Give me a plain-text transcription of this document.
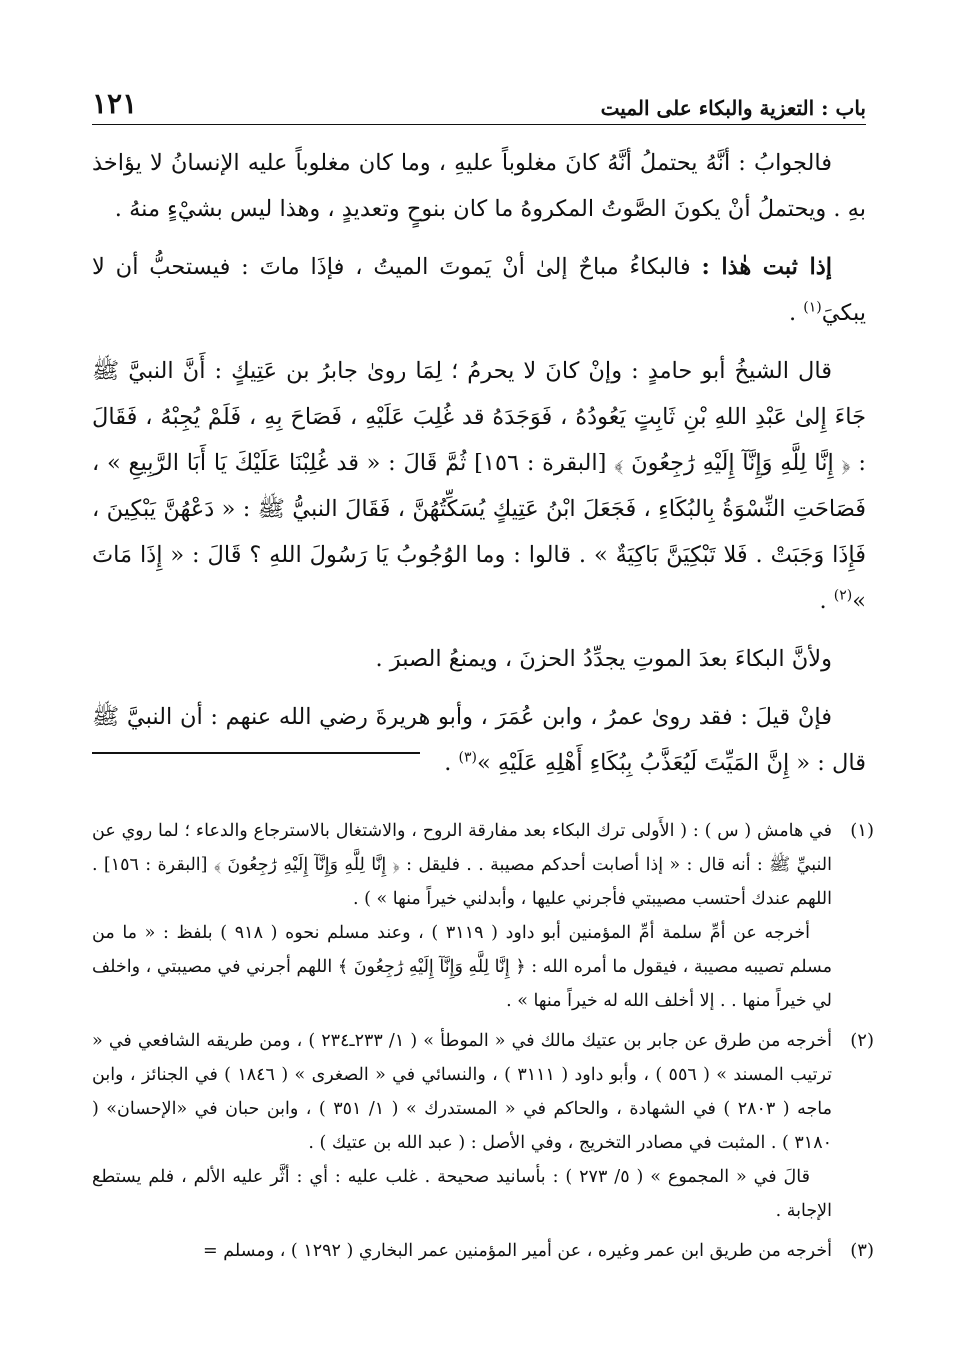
باب : التعزية والبكاء على الميت
١٢١

فالجوابُ : أنَّهُ يحتملُ أنَّهُ كانَ مغلوباً عليهِ ، وما كان مغلوباً عليه الإنسانُ لا يؤاخذ بهِ . ويحتملُ أنْ يكونَ الصَّوتُ المكروهُ ما كان بنوحٍ وتعديدٍ ، وهذا ليس بشيْءٍ منهُ .

إذا ثبت هٰذا : فالبكاءُ مباحٌ إلىٰ أنْ يَموتَ الميتُ ، فإذَا ماتَ : فيستحبُّ أن لا يبكيَ$^{(١)}$ .

قال الشيخُ أبو حامدٍ : وإنْ كانَ لا يحرمُ ؛ لِمَا روىٰ جابرُ بن عَتِيكٍ : أَنَّ النبيَّ ﷺ جَاءَ إِلىٰ عَبْدِ اللهِ بْنِ ثَابِتٍ يَعُودُهُ ، فَوَجَدَهُ قد غُلِبَ عَلَيْهِ ، فَصَاحَ بِهِ ، فَلَمْ يُجِبْهُ ، فَقَالَ : ﴿ إِنَّا لِلَّهِ وَإِنَّآ إِلَيْهِ رَٰجِعُونَ ﴾ [البقرة : ١٥٦] ثُمَّ قَالَ : « قد غُلِبْنَا عَلَيْكَ يَا أَبَا الرَّبِيعِ » ، فَصَاحَتِ النِّسْوَةُ بِالبُكَاءِ ، فَجَعَلَ ابْنُ عَتِيكٍ يُسَكِّتُهُنَّ ، فَقَالَ النبيُّ ﷺ : « دَعْهُنَّ يَبْكِينَ ، فَإِذَا وَجَبَتْ . فَلا تَبْكِيَنَّ بَاكِيَةٌ » . قالوا : وما الوُجُوبُ يَا رَسُولَ اللهِ ؟ قَالَ : « إِذَا مَاتَ »$^{(٢)}$ .

ولأنَّ البكاءَ بعدَ الموتِ يجدِّدُ الحزنَ ، ويمنعُ الصبرَ .

فإنْ قيلَ : فقد روىٰ عمرُ ، وابن عُمَرَ ، وأبو هريرةَ رضي الله عنهم : أن النبيَّ ﷺ قال : « إِنَّ المَيِّتَ لَيُعَذَّبُ بِبُكَاءِ أَهْلِهِ عَلَيْهِ »$^{(٣)}$ .

(١)

في هامش ( س ) : ( الأَولى ترك البكاء بعد مفارقة الروح ، والاشتغال بالاسترجاع والدعاء ؛ لما روي عن النبيِّ ﷺ : أنه قال : « إذا أصابت أحدكم مصيبة . . فليقل : ﴿ إِنَّا لِلَّهِ وَإِنَّآ إِلَيْهِ رَٰجِعُونَ ﴾ [البقرة : ١٥٦] . اللهم عندك أحتسب مصيبتي فأجرني عليها ، وأبدلني خيراً منها » ) .

أخرجه عن أمِّ سلمة أمِّ المؤمنين أبو داود ( ٣١١٩ ) ، وعند مسلم نحوه ( ٩١٨ ) بلفظ : « ما من مسلم تصيبه مصيبة ، فيقول ما أمره الله : ﴿ إِنَّا لِلَّهِ وَإِنَّآ إِلَيْهِ رَٰجِعُونَ ﴾ اللهم أجرني في مصيبتي ، واخلف لي خيراً منها . . إلا أخلف الله له خيراً منها » .

(٢)

أخرجه من طرق عن جابر بن عتيك مالك في « الموطأ » ( ١/ ٢٣٣ـ٢٣٤ ) ، ومن طريقه الشافعي في « ترتيب المسند » ( ٥٥٦ ) ، وأبو داود ( ٣١١١ ) ، والنسائي في « الصغرى » ( ١٨٤٦ ) في الجنائز ، وابن ماجه ( ٢٨٠٣ ) في الشهادة ، والحاكم في « المستدرك » ( ١/ ٣٥١ ) ، وابن حبان في «الإحسان» ( ٣١٨٠ ) . المثبت في مصادر التخريج ، وفي الأصل : ( عبد الله بن عتيك ) .

قالَ في « المجموع » ( ٥/ ٢٧٣ ) : بأسانيد صحيحة . غلب عليه : أي : أثَّر عليه الألم ، فلم يستطع الإجابة .

(٣)

أخرجه من طريق ابن عمر وغيره ، عن أمير المؤمنين عمر البخاري ( ١٢٩٢ ) ، ومسلم =
